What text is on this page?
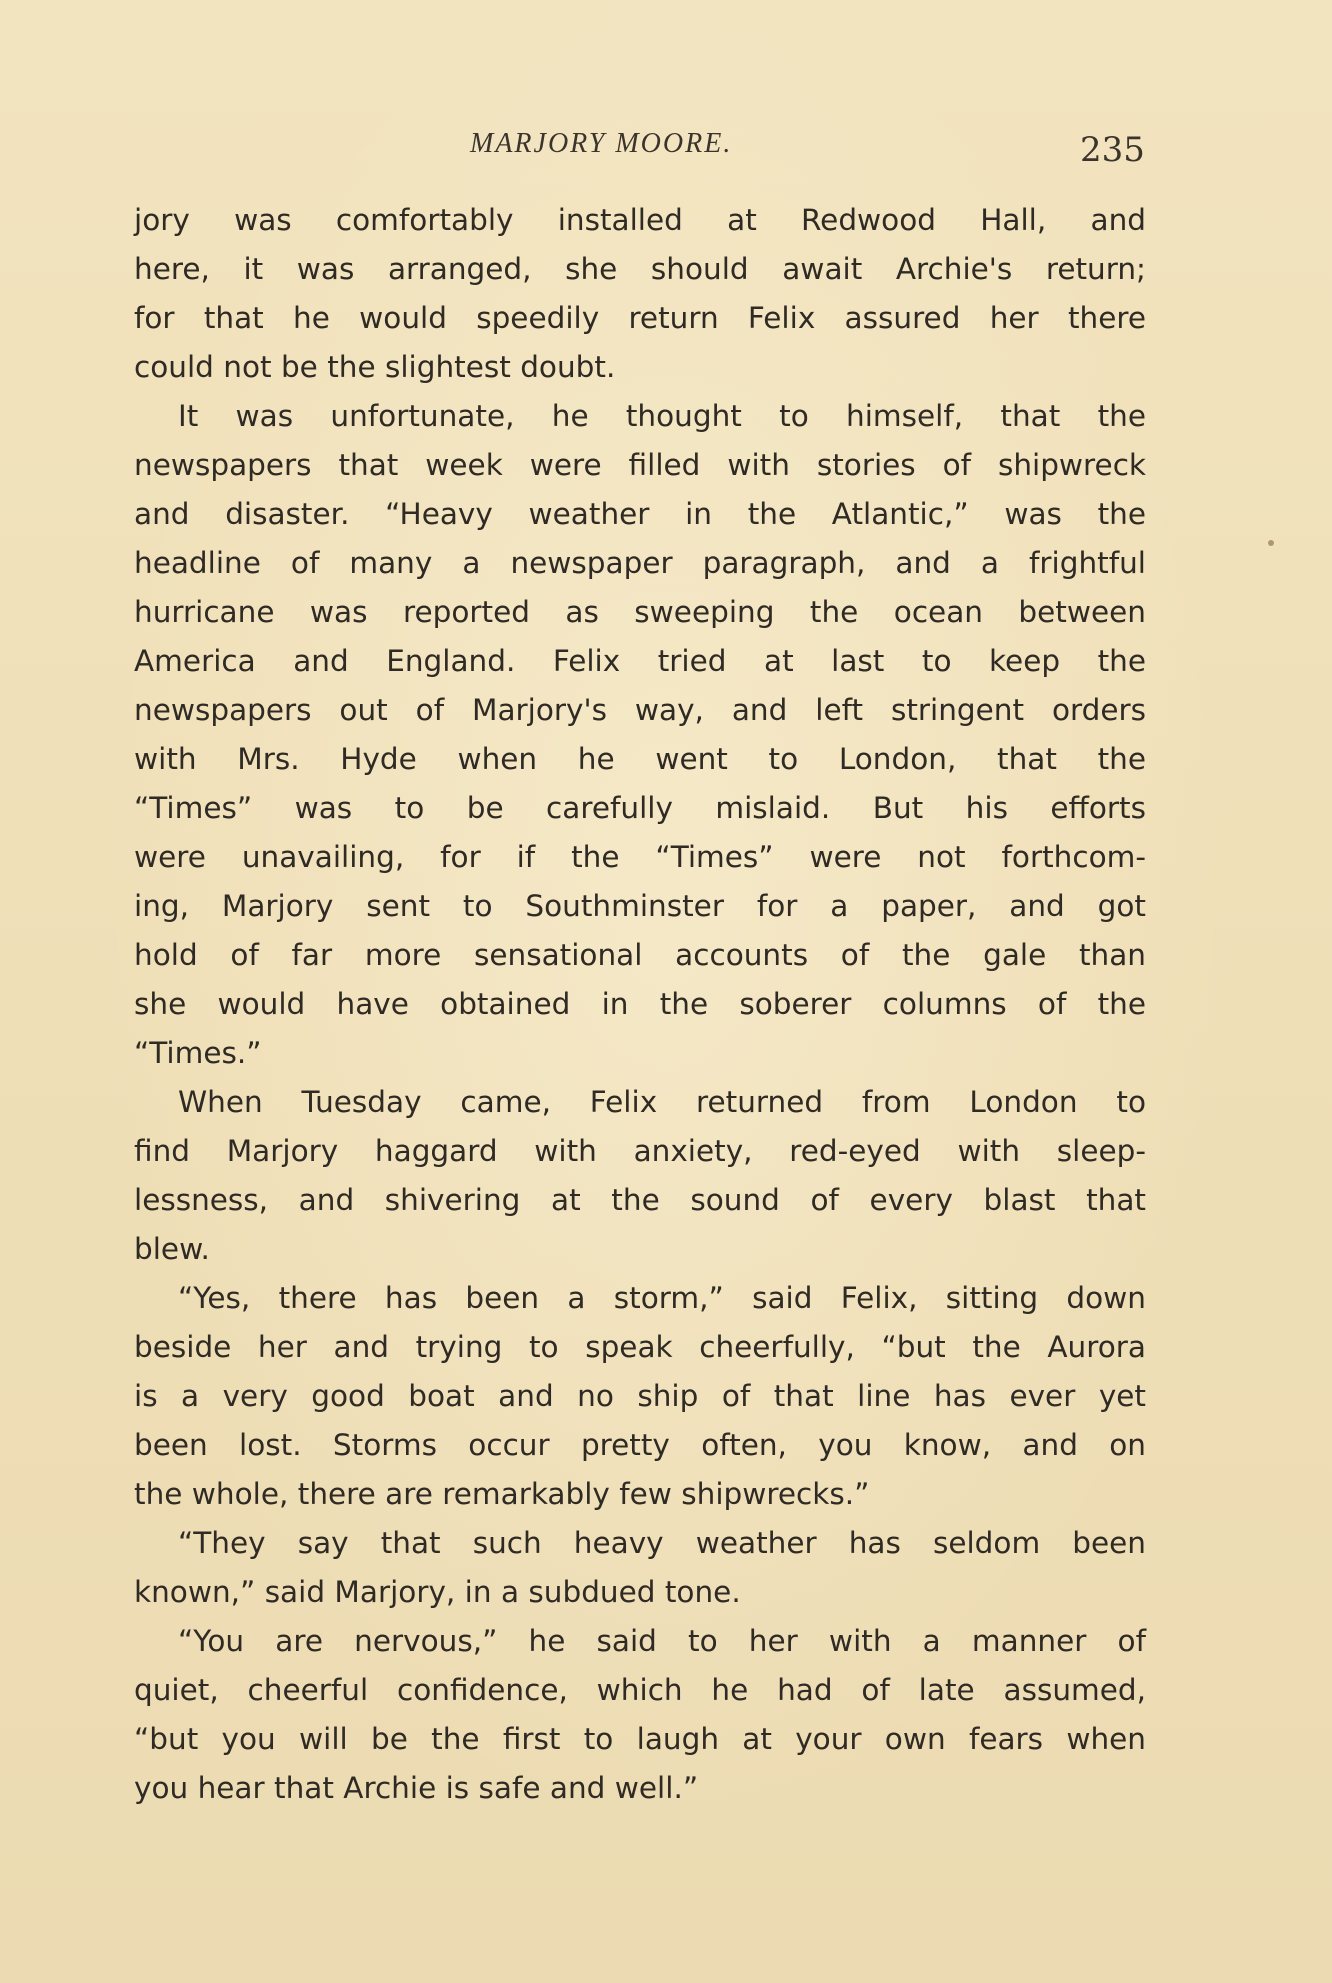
MARJORY MOORE.	235
jory was comfortably installed at Redwood Hall, and
here, it was arranged, she should await Archie's return;
for that he would speedily return Felix assured her there
could not be the slightest doubt.
It was unfortunate, he thought to himself, that the
newspapers that week were filled with stories of shipwreck
and disaster. “Heavy weather in the Atlantic,” was the
headline of many a newspaper paragraph, and a frightful
hurricane was reported as sweeping the ocean between
America and England. Felix tried at last to keep the
newspapers out of Marjory's way, and left stringent orders
with Mrs. Hyde when he went to London, that the
“Times” was to be carefully mislaid. But his efforts
were unavailing, for if the “Times” were not forthcom-
ing, Marjory sent to Southminster for a paper, and got
hold of far more sensational accounts of the gale than
she would have obtained in the soberer columns of the
“Times.”
When Tuesday came, Felix returned from London to
find Marjory haggard with anxiety, red-eyed with sleep-
lessness, and shivering at the sound of every blast that
blew.
“Yes, there has been a storm,” said Felix, sitting down
beside her and trying to speak cheerfully, “but the Aurora
is a very good boat and no ship of that line has ever yet
been lost. Storms occur pretty often, you know, and on
the whole, there are remarkably few shipwrecks.”
“They say that such heavy weather has seldom been
known,” said Marjory, in a subdued tone.
“You are nervous,” he said to her with a manner of
quiet, cheerful confidence, which he had of late assumed,
“but you will be the first to laugh at your own fears when
you hear that Archie is safe and well.”
